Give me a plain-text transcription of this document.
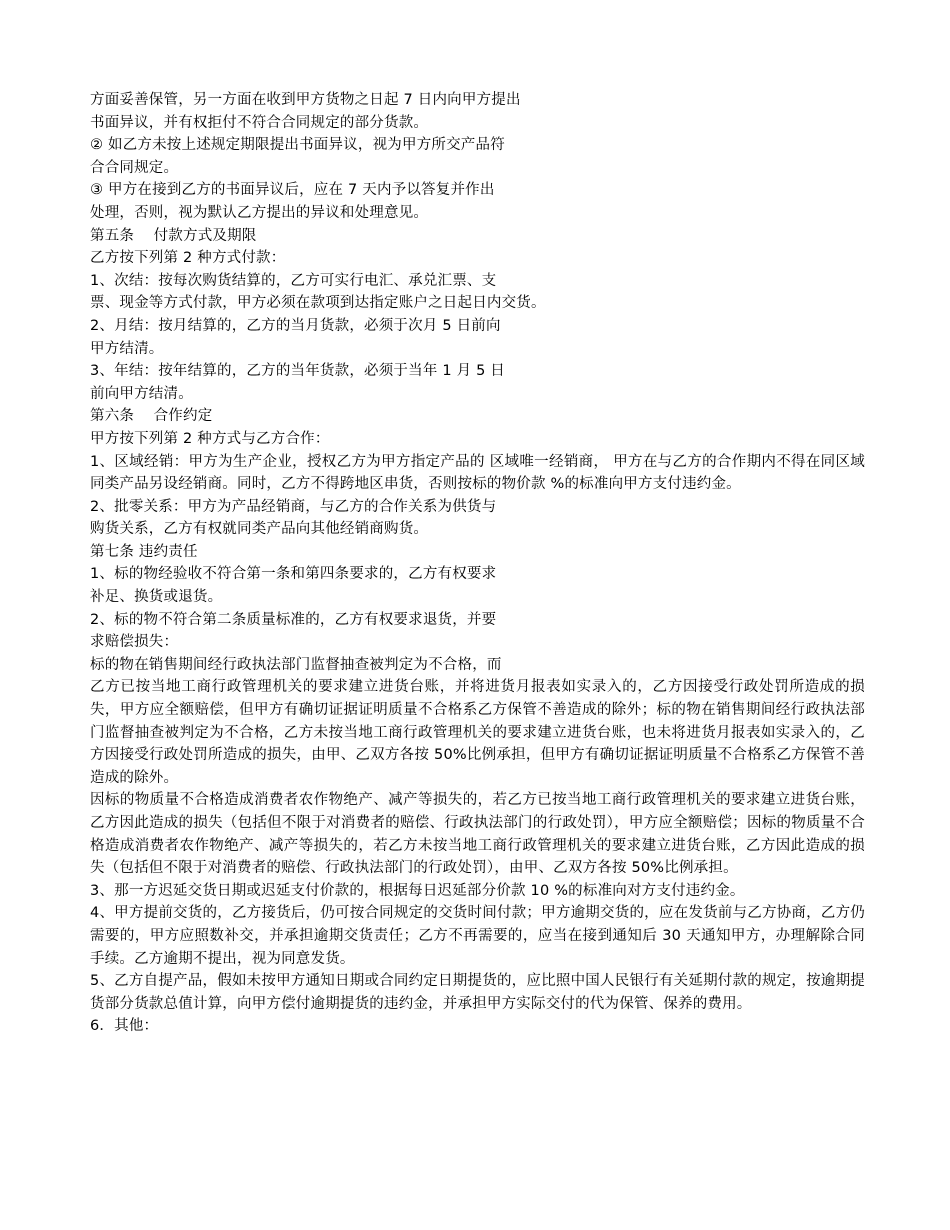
方面妥善保管，另一方面在收到甲方货物之日起 7 日内向甲方提出

书面异议，并有权拒付不符合合同规定的部分货款。

② 如乙方未按上述规定期限提出书面异议，视为甲方所交产品符

合合同规定。

③ 甲方在接到乙方的书面异议后，应在 7 天内予以答复并作出

处理，否则，视为默认乙方提出的异议和处理意见。

第五条　 付款方式及期限

乙方按下列第 2 种方式付款：

1、次结：按每次购货结算的，乙方可实行电汇、承兑汇票、支

票、现金等方式付款，甲方必须在款项到达指定账户之日起日内交货。

2、月结：按月结算的，乙方的当月货款，必须于次月 5 日前向

甲方结清。

3、年结：按年结算的，乙方的当年货款，必须于当年 1 月 5 日

前向甲方结清。

第六条　 合作约定

甲方按下列第 2 种方式与乙方合作：

1、区域经销：甲方为生产企业，授权乙方为甲方指定产品的 区域唯一经销商， 甲方在与乙方的合作期内不得在同区域同类产品另设经销商。同时，乙方不得跨地区串货，否则按标的物价款 %的标准向甲方支付违约金。

2、批零关系：甲方为产品经销商，与乙方的合作关系为供货与

购货关系，乙方有权就同类产品向其他经销商购货。

第七条 违约责任

1、标的物经验收不符合第一条和第四条要求的，乙方有权要求

补足、换货或退货。

2、标的物不符合第二条质量标准的，乙方有权要求退货，并要

求赔偿损失：

标的物在销售期间经行政执法部门监督抽查被判定为不合格，而

乙方已按当地工商行政管理机关的要求建立进货台账，并将进货月报表如实录入的，乙方因接受行政处罚所造成的损失，甲方应全额赔偿，但甲方有确切证据证明质量不合格系乙方保管不善造成的除外；标的物在销售期间经行政执法部门监督抽查被判定为不合格，乙方未按当地工商行政管理机关的要求建立进货台账，也未将进货月报表如实录入的，乙方因接受行政处罚所造成的损失，由甲、乙双方各按 50%比例承担，但甲方有确切证据证明质量不合格系乙方保管不善造成的除外。

因标的物质量不合格造成消费者农作物绝产、减产等损失的，若乙方已按当地工商行政管理机关的要求建立进货台账，乙方因此造成的损失（包括但不限于对消费者的赔偿、行政执法部门的行政处罚），甲方应全额赔偿；因标的物质量不合格造成消费者农作物绝产、减产等损失的，若乙方未按当地工商行政管理机关的要求建立进货台账，乙方因此造成的损失（包括但不限于对消费者的赔偿、行政执法部门的行政处罚），由甲、乙双方各按 50%比例承担。

3、那一方迟延交货日期或迟延支付价款的，根据每日迟延部分价款 10 %的标准向对方支付违约金。

4、甲方提前交货的，乙方接货后，仍可按合同规定的交货时间付款；甲方逾期交货的，应在发货前与乙方协商，乙方仍需要的，甲方应照数补交，并承担逾期交货责任；乙方不再需要的，应当在接到通知后 30 天通知甲方，办理解除合同手续。乙方逾期不提出，视为同意发货。

5、乙方自提产品，假如未按甲方通知日期或合同约定日期提货的，应比照中国人民银行有关延期付款的规定，按逾期提货部分货款总值计算，向甲方偿付逾期提货的违约金，并承担甲方实际交付的代为保管、保养的费用。

6．其他：
